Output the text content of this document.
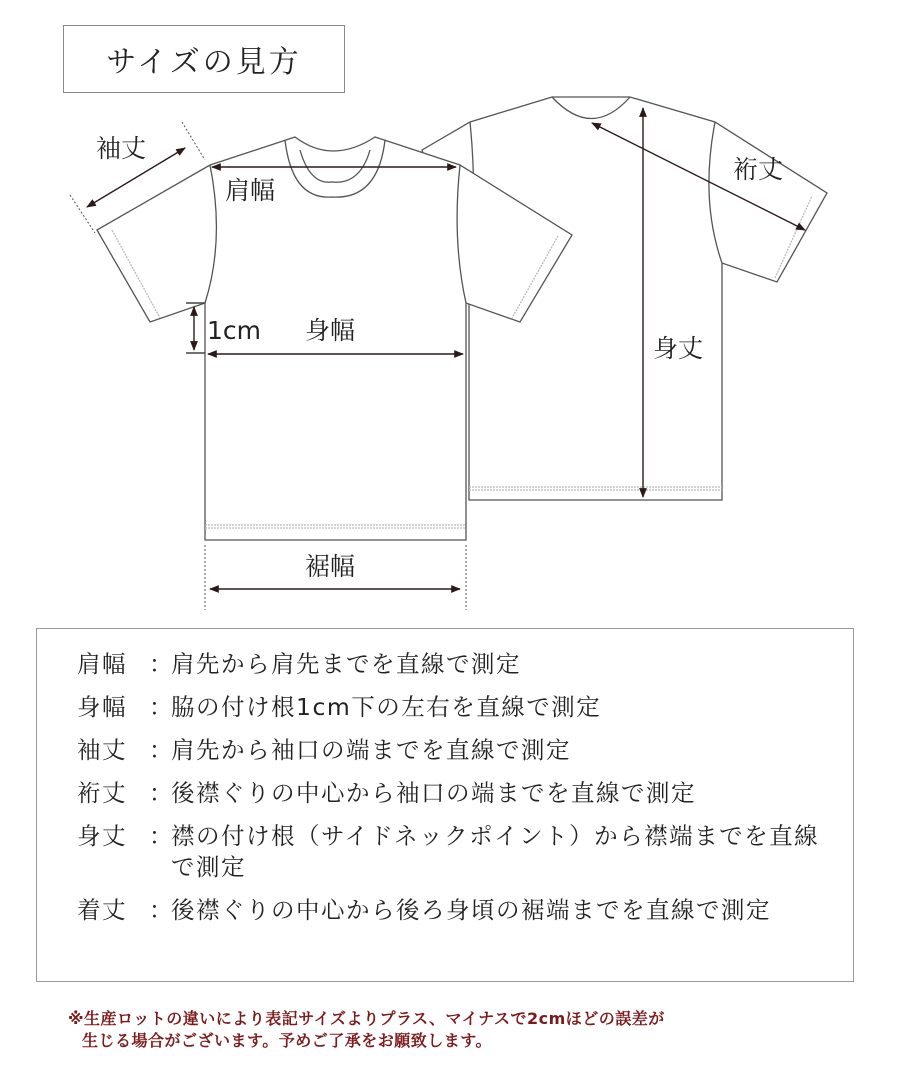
サイズの見方
袖丈
肩幅
1cm 身幅
裾幅
裄丈
身丈
肩幅 ：
肩先から肩先までを直線で測定
身幅 ：
脇の付け根1cm下の左右を直線で測定
袖丈 ：
肩先から袖口の端までを直線で測定
裄丈 ：
後襟ぐりの中心から袖口の端までを直線で測定
身丈 ：
襟の付け根（サイドネックポイント）から襟端までを直線で測定
着丈 ：
後襟ぐりの中心から後ろ身頃の裾端までを直線で測定
※生産ロットの違いにより表記サイズよりプラス、マイナスで2cmほどの誤差が
生じる場合がございます。予めご了承をお願致します。
